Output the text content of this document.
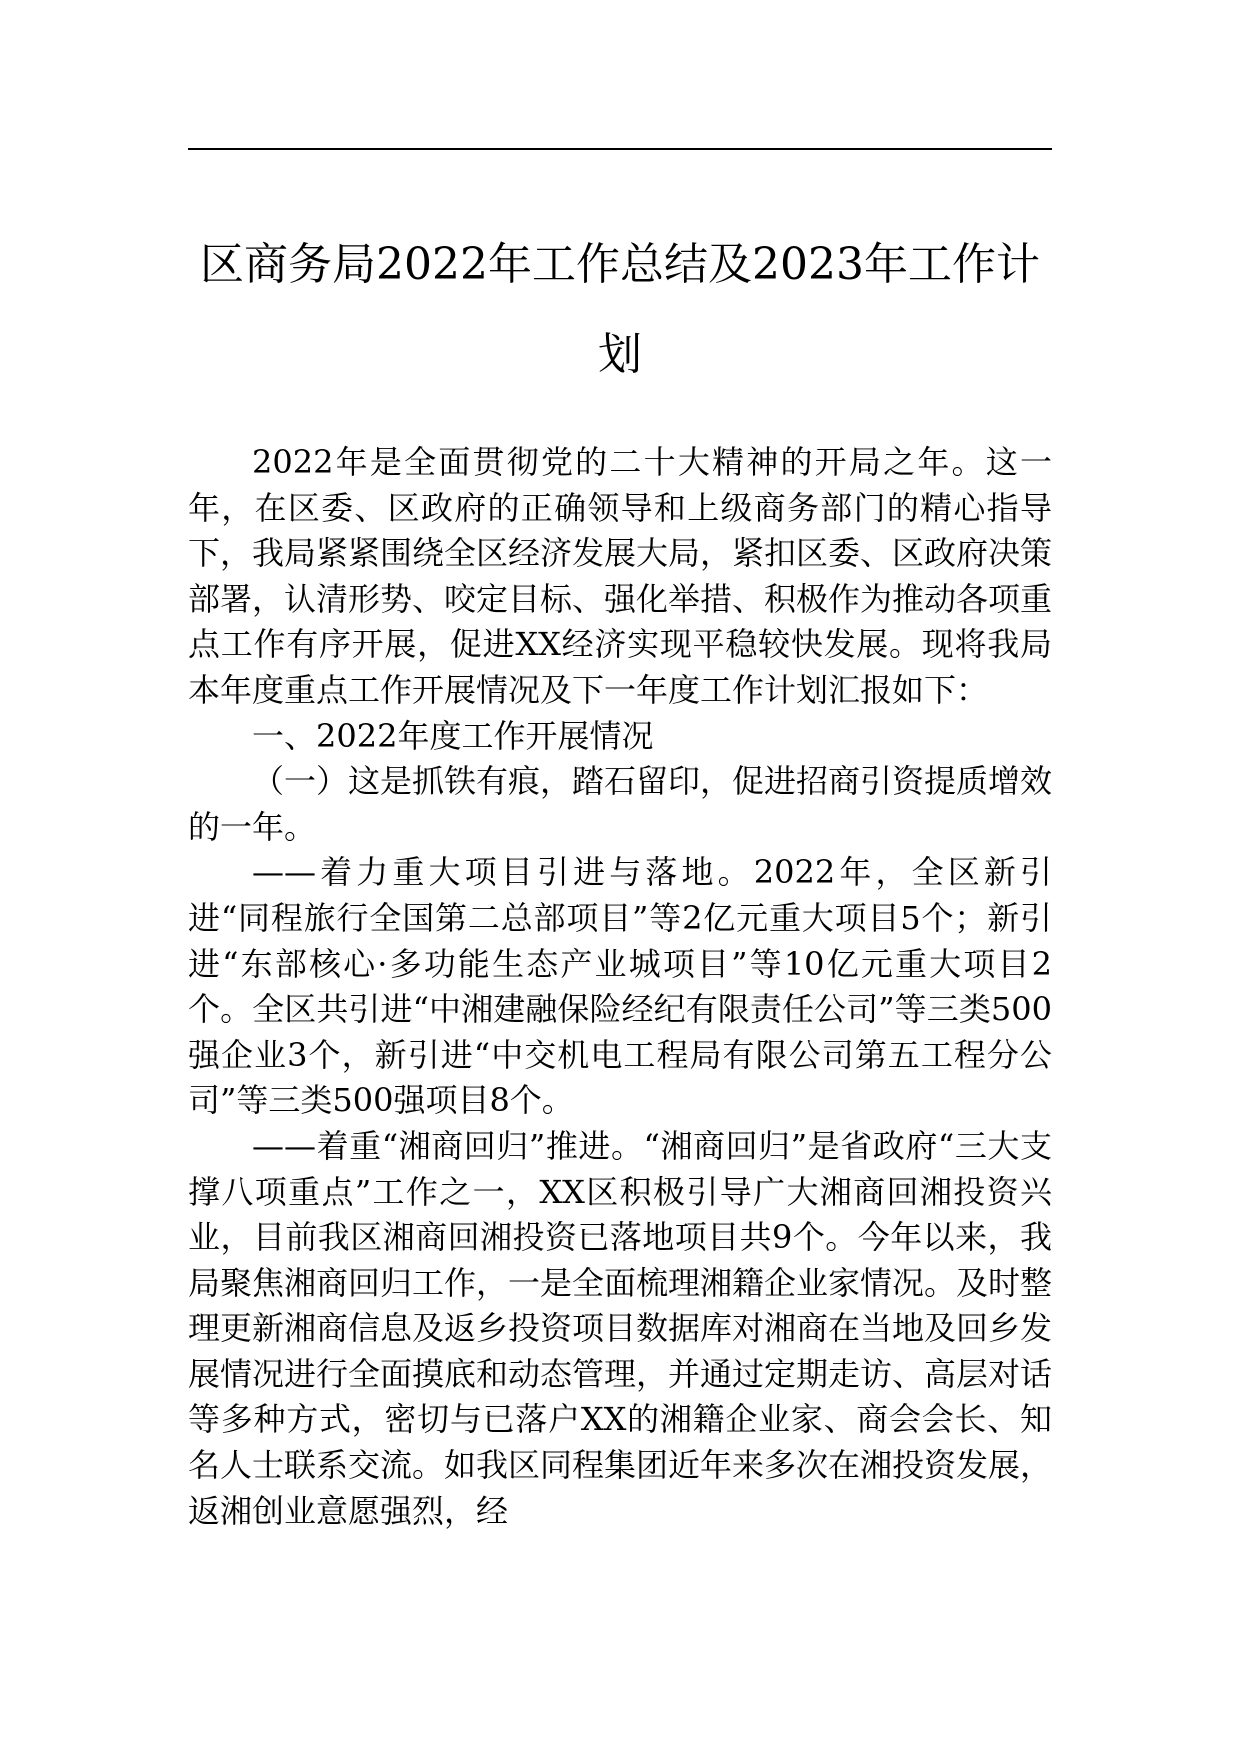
区商务局2022年工作总结及2023年工作计
划

2022年是全面贯彻党的二十大精神的开局之年。这一年，在区委、区政府的正确领导和上级商务部门的精心指导下，我局紧紧围绕全区经济发展大局，紧扣区委、区政府决策部署，认清形势、咬定目标、强化举措、积极作为推动各项重点工作有序开展，促进XX经济实现平稳较快发展。现将我局本年度重点工作开展情况及下一年度工作计划汇报如下：

一、2022年度工作开展情况

（一）这是抓铁有痕，踏石留印，促进招商引资提质增效的一年。

——着力重大项目引进与落地。2022年，全区新引进“同程旅行全国第二总部项目”等2亿元重大项目5个；新引进“东部核心·多功能生态产业城项目”等10亿元重大项目2个。全区共引进“中湘建融保险经纪有限责任公司”等三类500强企业3个，新引进“中交机电工程局有限公司第五工程分公司”等三类500强项目8个。

——着重“湘商回归”推进。“湘商回归”是省政府“三大支撑八项重点”工作之一，XX区积极引导广大湘商回湘投资兴业，目前我区湘商回湘投资已落地项目共9个。今年以来，我局聚焦湘商回归工作，一是全面梳理湘籍企业家情况。及时整理更新湘商信息及返乡投资项目数据库对湘商在当地及回乡发展情况进行全面摸底和动态管理，并通过定期走访、高层对话等多种方式，密切与已落户XX的湘籍企业家、商会会长、知名人士联系交流。如我区同程集团近年来多次在湘投资发展，返湘创业意愿强烈，经
